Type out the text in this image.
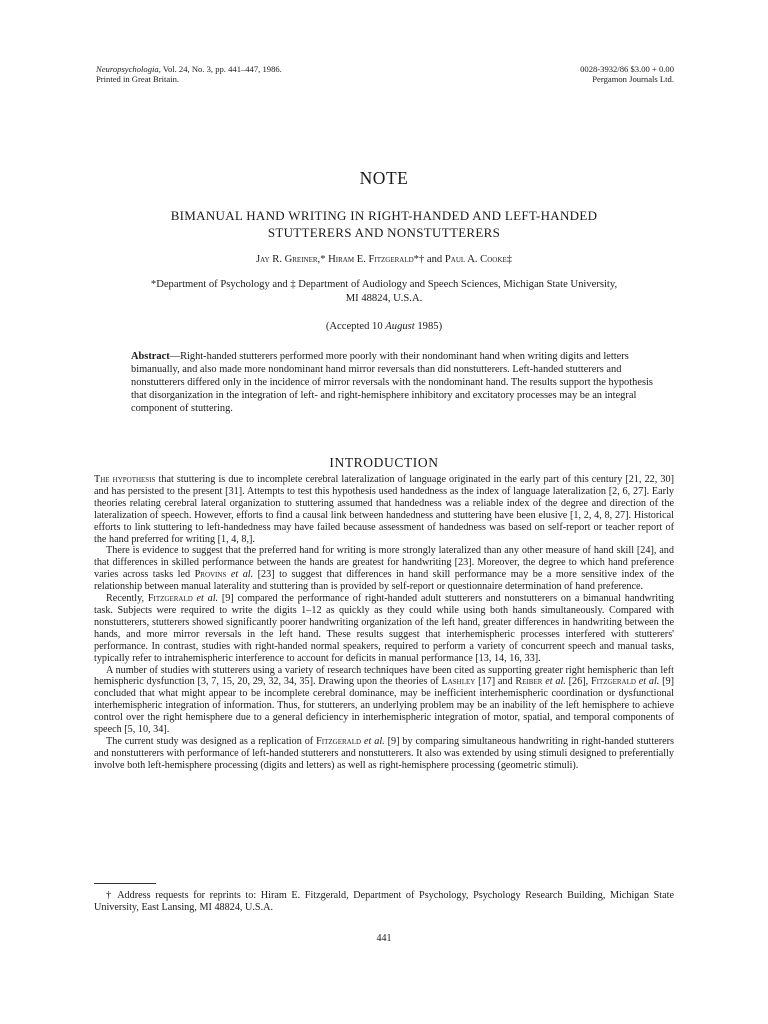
Neuropsychologia, Vol. 24, No. 3, pp. 441–447, 1986.
Printed in Great Britain.
0028-3932/86 $3.00 + 0.00
Pergamon Journals Ltd.
NOTE
BIMANUAL HAND WRITING IN RIGHT-HANDED AND LEFT-HANDED
STUTTERERS AND NONSTUTTERERS
Jay R. Greiner,* Hiram E. Fitzgerald*† and Paul A. Cooke‡
*Department of Psychology and ‡ Department of Audiology and Speech Sciences, Michigan State University,
MI 48824, U.S.A.
(Accepted 10 August 1985)

Abstract—Right-handed stutterers performed more poorly with their nondominant hand when writing digits and letters bimanually, and also made more nondominant hand mirror reversals than did nonstutterers. Left-handed stutterers and nonstutterers differed only in the incidence of mirror reversals with the nondominant hand. The results support the hypothesis that disorganization in the integration of left- and right-hemisphere inhibitory and excitatory processes may be an integral component of stuttering.

INTRODUCTION

The hypothesis that stuttering is due to incomplete cerebral lateralization of language originated in the early part of this century [21, 22, 30] and has persisted to the present [31]. Attempts to test this hypothesis used handedness as the index of language lateralization [2, 6, 27]. Early theories relating cerebral lateral organization to stuttering assumed that handedness was a reliable index of the degree and direction of the lateralization of speech. However, efforts to find a causal link between handedness and stuttering have been elusive [1, 2, 4, 8, 27]. Historical efforts to link stuttering to left-handedness may have failed because assessment of handedness was based on self-report or teacher report of the hand preferred for writing [1, 4, 8,].

There is evidence to suggest that the preferred hand for writing is more strongly lateralized than any other measure of hand skill [24], and that differences in skilled performance between the hands are greatest for handwriting [23]. Moreover, the degree to which hand preference varies across tasks led Provins et al. [23] to suggest that differences in hand skill performance may be a more sensitive index of the relationship between manual laterality and stuttering than is provided by self-report or questionnaire determination of hand preference.

Recently, Fitzgerald et al. [9] compared the performance of right-handed adult stutterers and nonstutterers on a bimanual handwriting task. Subjects were required to write the digits 1–12 as quickly as they could while using both hands simultaneously. Compared with nonstutterers, stutterers showed significantly poorer handwriting organization of the left hand, greater differences in handwriting between the hands, and more mirror reversals in the left hand. These results suggest that interhemispheric processes interfered with stutterers' performance. In contrast, studies with right-handed normal speakers, required to perform a variety of concurrent speech and manual tasks, typically refer to intrahemispheric interference to account for deficits in manual performance [13, 14, 16, 33].

A number of studies with stutterers using a variety of research techniques have been cited as supporting greater right hemispheric than left hemispheric dysfunction [3, 7, 15, 20, 29, 32, 34, 35]. Drawing upon the theories of Lashley [17] and Reiber et al. [26], Fitzgerald et al. [9] concluded that what might appear to be incomplete cerebral dominance, may be inefficient interhemispheric coordination or dysfunctional interhemispheric integration of information. Thus, for stutterers, an underlying problem may be an inability of the left hemisphere to achieve control over the right hemisphere due to a general deficiency in interhemispheric integration of motor, spatial, and temporal components of speech [5, 10, 34].

The current study was designed as a replication of Fitzgerald et al. [9] by comparing simultaneous handwriting in right-handed stutterers and nonstutterers with performance of left-handed stutterers and nonstutterers. It also was extended by using stimuli designed to preferentially involve both left-hemisphere processing (digits and letters) as well as right-hemisphere processing (geometric stimuli).

† Address requests for reprints to: Hiram E. Fitzgerald, Department of Psychology, Psychology Research Building, Michigan State University, East Lansing, MI 48824, U.S.A.
441
